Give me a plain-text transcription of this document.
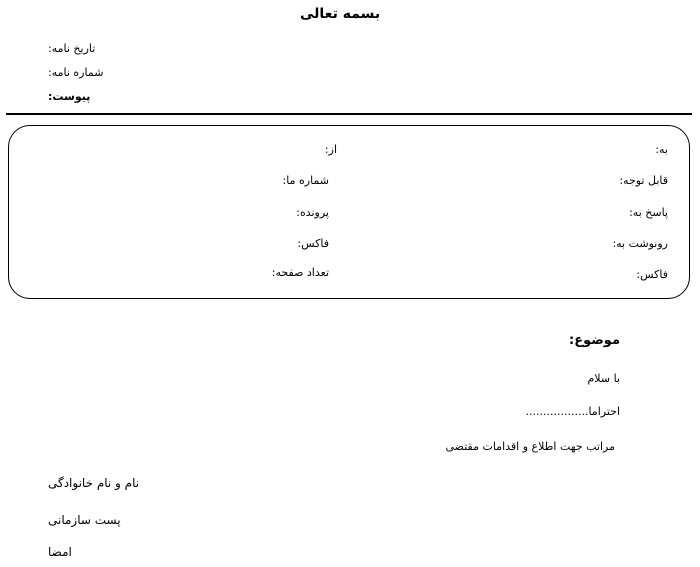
بسمه تعالی
تاریخ نامه:
شماره نامه:
پیوست:
به:
از:
قابل توجه:
شماره ما:
پاسخ به:
پرونده:
رونوشت به:
فاکس:
فاکس:
تعداد صفحه:
موضوع:
با سلام
احتراما..................
مراتب جهت اطلاع و اقدامات مقتضی
نام و نام خانوادگی
پست سازمانی
امضا
